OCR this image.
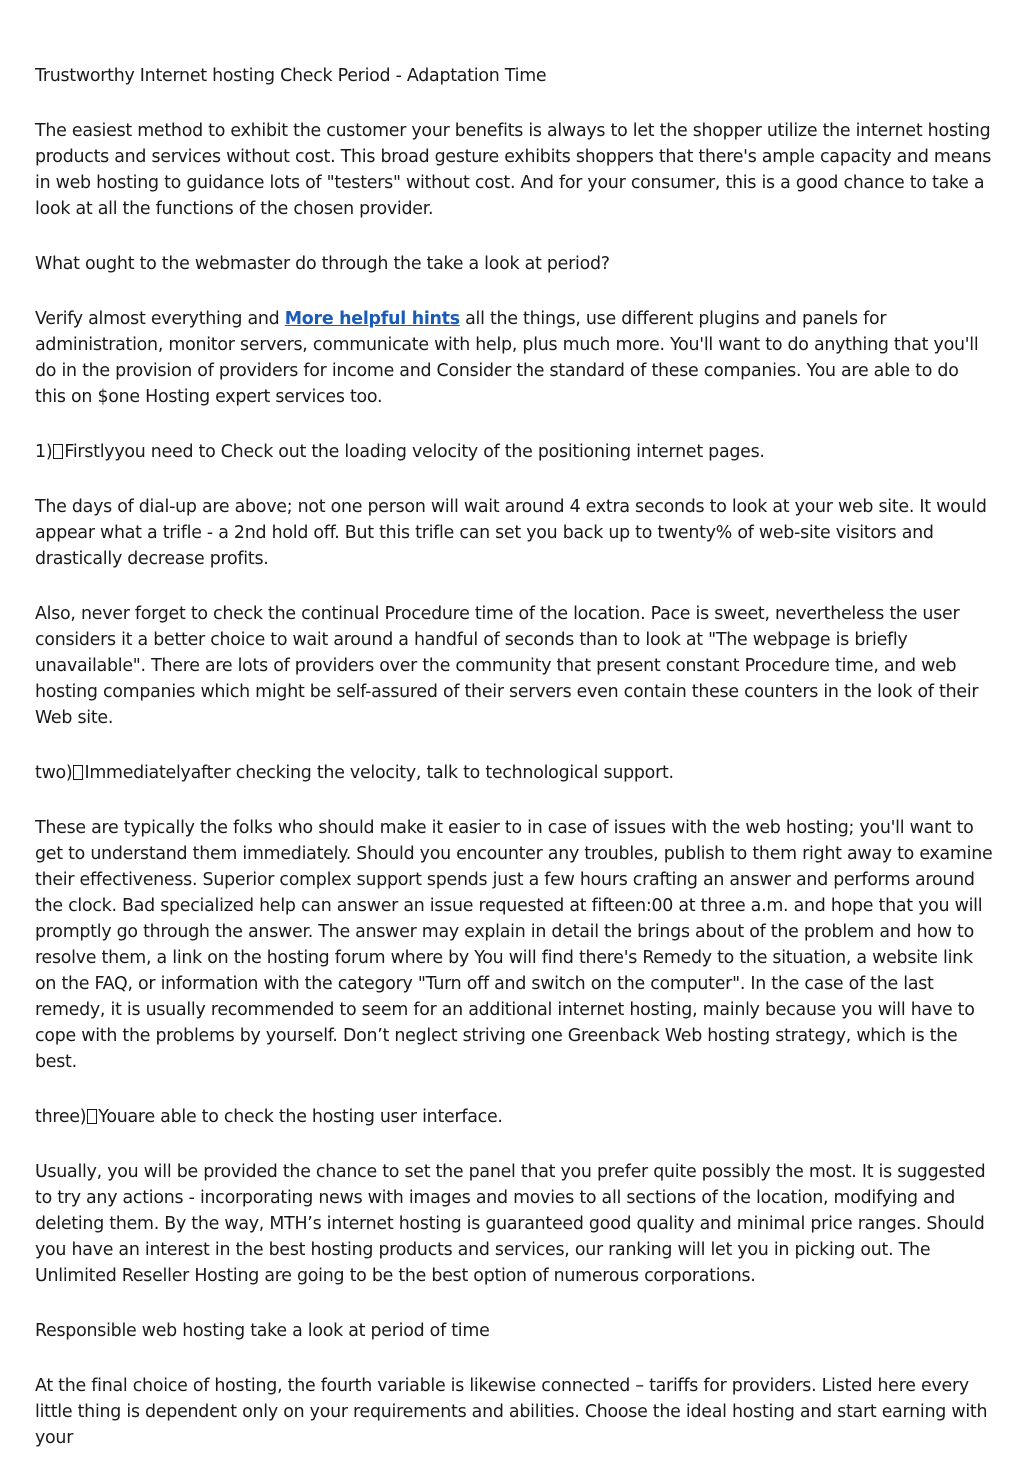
Trustworthy Internet hosting Check Period - Adaptation Time

The easiest method to exhibit the customer your benefits is always to let the shopper utilize the internet hosting products and services without cost. This broad gesture exhibits shoppers that there's ample capacity and means in web hosting to guidance lots of "testers" without cost. And for your consumer, this is a good chance to take a look at all the functions of the chosen provider.

What ought to the webmaster do through the take a look at period?

Verify almost everything and More helpful hints all the things, use different plugins and panels for administration, monitor servers, communicate with help, plus much more. You'll want to do anything that you'll do in the provision of providers for income and Consider the standard of these companies. You are able to do this on $one Hosting expert services too.

1) Firstlyyou need to Check out the loading velocity of the positioning internet pages.

The days of dial-up are above; not one person will wait around 4 extra seconds to look at your web site. It would appear what a trifle - a 2nd hold off. But this trifle can set you back up to twenty% of web-site visitors and drastically decrease profits.

Also, never forget to check the continual Procedure time of the location. Pace is sweet, nevertheless the user considers it a better choice to wait around a handful of seconds than to look at "The webpage is briefly unavailable". There are lots of providers over the community that present constant Procedure time, and web hosting companies which might be self-assured of their servers even contain these counters in the look of their Web site.

two) Immediatelyafter checking the velocity, talk to technological support.

These are typically the folks who should make it easier to in case of issues with the web hosting; you'll want to get to understand them immediately. Should you encounter any troubles, publish to them right away to examine their effectiveness. Superior complex support spends just a few hours crafting an answer and performs around the clock. Bad specialized help can answer an issue requested at fifteen:00 at three a.m. and hope that you will promptly go through the answer. The answer may explain in detail the brings about of the problem and how to resolve them, a link on the hosting forum where by You will find there's Remedy to the situation, a website link on the FAQ, or information with the category "Turn off and switch on the computer". In the case of the last remedy, it is usually recommended to seem for an additional internet hosting, mainly because you will have to cope with the problems by yourself. Don’t neglect striving one Greenback Web hosting strategy, which is the best.

three) Youare able to check the hosting user interface.

Usually, you will be provided the chance to set the panel that you prefer quite possibly the most. It is suggested to try any actions - incorporating news with images and movies to all sections of the location, modifying and deleting them. By the way, MTH’s internet hosting is guaranteed good quality and minimal price ranges. Should you have an interest in the best hosting products and services, our ranking will let you in picking out. The Unlimited Reseller Hosting are going to be the best option of numerous corporations.

Responsible web hosting take a look at period of time

At the final choice of hosting, the fourth variable is likewise connected – tariffs for providers. Listed here every little thing is dependent only on your requirements and abilities. Choose the ideal hosting and start earning with your
